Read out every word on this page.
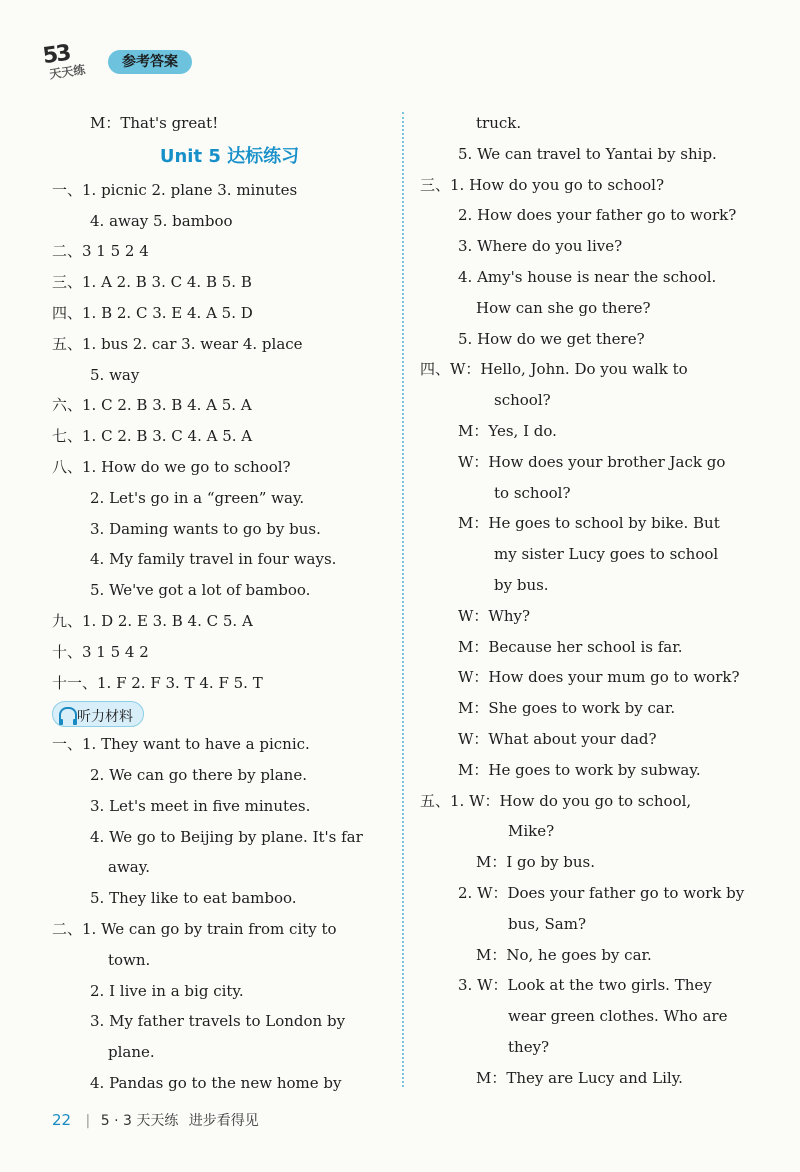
53
天天练
参考答案
M：That's great!
Unit 5 达标练习
一、1. picnic 2. plane 3. minutes
4. away 5. bamboo
二、3 1 5 2 4
三、1. A 2. B 3. C 4. B 5. B
四、1. B 2. C 3. E 4. A 5. D
五、1. bus 2. car 3. wear 4. place
5. way
六、1. C 2. B 3. B 4. A 5. A
七、1. C 2. B 3. C 4. A 5. A
八、1. How do we go to school?
2. Let's go in a “green” way.
3. Daming wants to go by bus.
4. My family travel in four ways.
5. We've got a lot of bamboo.
九、1. D 2. E 3. B 4. C 5. A
十、3 1 5 4 2
十一、1. F 2. F 3. T 4. F 5. T
听力材料
一、1. They want to have a picnic.
2. We can go there by plane.
3. Let's meet in five minutes.
4. We go to Beijing by plane. It's far
away.
5. They like to eat bamboo.
二、1. We can go by train from city to
town.
2. I live in a big city.
3. My father travels to London by
plane.
4. Pandas go to the new home by
truck.
5. We can travel to Yantai by ship.
三、1. How do you go to school?
2. How does your father go to work?
3. Where do you live?
4. Amy's house is near the school.
How can she go there?
5. How do we get there?
四、W：Hello, John. Do you walk to
school?
M：Yes, I do.
W：How does your brother Jack go
to school?
M：He goes to school by bike. But
my sister Lucy goes to school
by bus.
W：Why?
M：Because her school is far.
W：How does your mum go to work?
M：She goes to work by car.
W：What about your dad?
M：He goes to work by subway.
五、1. W：How do you go to school,
Mike?
M：I go by bus.
2. W：Does your father go to work by
bus, Sam?
M：No, he goes by car.
3. W：Look at the two girls. They
wear green clothes. Who are
they?
M：They are Lucy and Lily.
22 | 5 · 3 天天练 进步看得见
